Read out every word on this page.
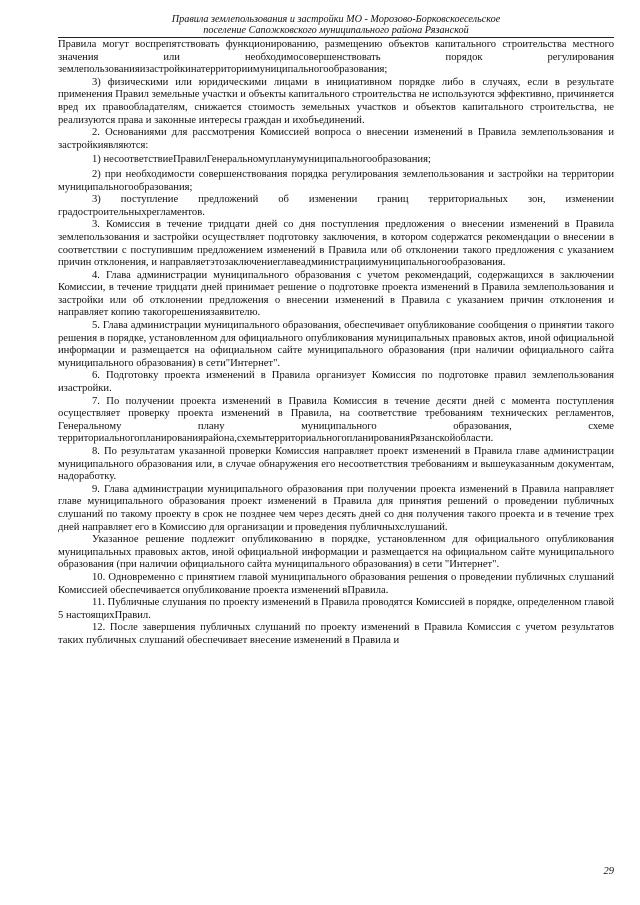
Правила землепользования и застройки МО - Морозово-Борковскоесельское
поселение Сапожковского муниципального района Рязанской

Правила могут воспрепятствовать функционированию, размещению объектов капитального строительства местного значения или необходимосовершенствовать порядок регулирования землепользованияизастройкинатерриториимуниципальногообразования;

3) физическими или юридическими лицами в инициативном порядке либо в случаях, если в результате применения Правил земельные участки и объекты капитального строительства не используются эффективно, причиняется вред их правообладателям, снижается стоимость земельных участков и объектов капитального строительства, не реализуются права и законные интересы граждан и ихобъединений.

2. Основаниями для рассмотрения Комиссией вопроса о внесении изменений в Правила землепользования и застройкиявляются:

1) несоответствиеПравилГенеральномупланумуниципальногообразования;

2) при необходимости совершенствования порядка регулирования землепользования и застройки на территории муниципальногообразования;

3) поступление предложений об изменении границ территориальных зон, изменении градостроительныхрегламентов.

3. Комиссия в течение тридцати дней со дня поступления предложения о внесении изменений в Правила землепользования и застройки осуществляет подготовку заключения, в котором содержатся рекомендации о внесении в соответствии с поступившим предложением изменений в Правила или об отклонении такого предложения с указанием причин отклонения, и направляетэтозаключениеглавеадминистрациимуниципальногообразования.

4. Глава администрации муниципального образования с учетом рекомендаций, содержащихся в заключении Комиссии, в течение тридцати дней принимает решение о подготовке проекта изменений в Правила землепользования и застройки или об отклонении предложения о внесении изменений в Правила с указанием причин отклонения и направляет копию такогорешениязаявителю.

5. Глава администрации муниципального образования, обеспечивает опубликование сообщения о принятии такого решения в порядке, установленном для официального опубликования муниципальных правовых актов, иной официальной информации и размещается на официальном сайте муниципального образования (при наличии официального сайта муниципального образования) в сети"Интернет".

6. Подготовку проекта изменений в Правила организует Комиссия по подготовке правил землепользования изастройки.

7. По получении проекта изменений в Правила Комиссия в течение десяти дней с момента поступления осуществляет проверку проекта изменений в Правила, на соответствие требованиям технических регламентов, Генеральному плану муниципального образования, схеме территориальногопланированиярайона,схемытерриториальногопланированияРязанскойобласти.

8. По результатам указанной проверки Комиссия направляет проект изменений в Правила главе администрации муниципального образования или, в случае обнаружения его несоответствия требованиям и вышеуказанным документам, надоработку.

9. Глава администрации муниципального образования при получении проекта изменений в Правила направляет главе муниципального образования проект изменений в Правила для принятия решений о проведении публичных слушаний по такому проекту в срок не позднее чем через десять дней со дня получения такого проекта и в течение трех дней направляет его в Комиссию для организации и проведения публичныхслушаний.

Указанное решение подлежит опубликованию в порядке, установленном для официального опубликования муниципальных правовых актов, иной официальной информации и размещается на официальном сайте муниципального образования (при наличии официального сайта муниципального образования) в сети "Интернет".

10. Одновременно с принятием главой муниципального образования решения о проведении публичных слушаний Комиссией обеспечивается опубликование проекта изменений вПравила.

11. Публичные слушания по проекту изменений в Правила проводятся Комиссией в порядке, определенном главой 5 настоящихПравил.

12. После завершения публичных слушаний по проекту изменений в Правила Комиссия с учетом результатов таких публичных слушаний обеспечивает внесение изменений в Правила и

29
